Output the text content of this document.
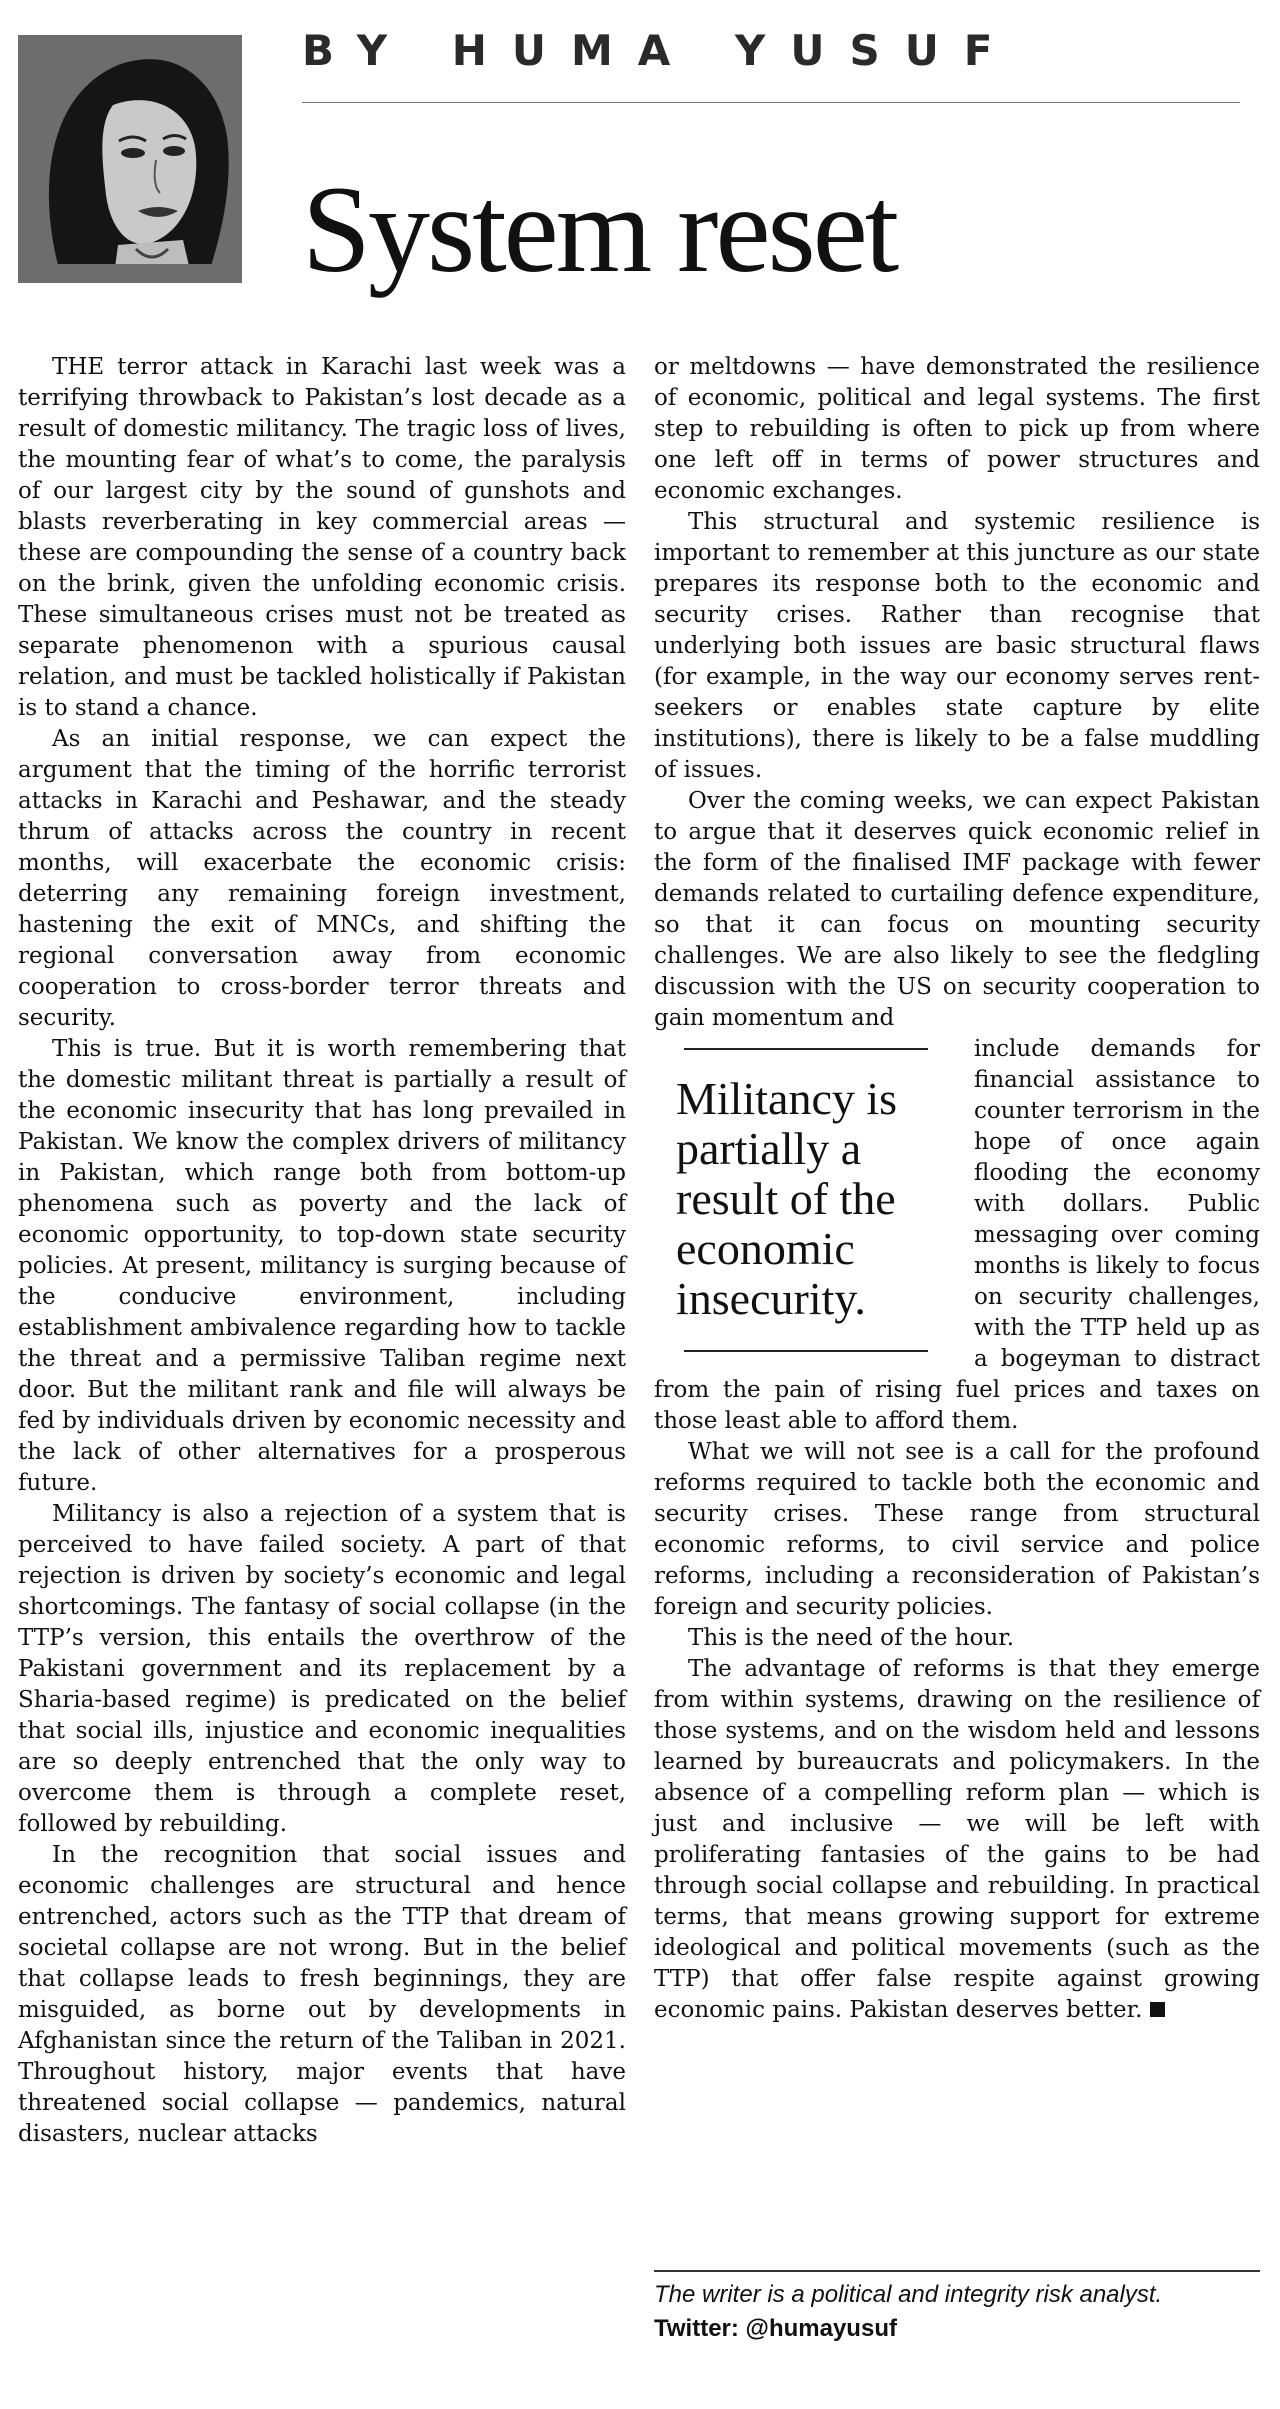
BY HUMA YUSUF
System reset

THE terror attack in Karachi last week was a terrifying throwback to Pakistan’s lost decade as a result of domestic militancy. The tragic loss of lives, the mounting fear of what’s to come, the paralysis of our largest city by the sound of gunshots and blasts reverberating in key commercial areas — these are compounding the sense of a country back on the brink, given the unfolding economic crisis. These simultaneous crises must not be treated as separate phenomenon with a spurious causal relation, and must be tackled holistically if Pakistan is to stand a chance.

As an initial response, we can expect the argument that the timing of the horrific terrorist attacks in Karachi and Peshawar, and the steady thrum of attacks across the country in recent months, will exacerbate the economic crisis: deterring any remaining foreign investment, hastening the exit of MNCs, and shifting the regional conversation away from economic cooperation to cross-border terror threats and security.

This is true. But it is worth remembering that the domestic militant threat is partially a result of the economic insecurity that has long prevailed in Pakistan. We know the complex drivers of militancy in Pakistan, which range both from bottom-up phenomena such as poverty and the lack of economic opportunity, to top-down state security policies. At present, militancy is surging because of the conducive environment, including establishment ambivalence regarding how to tackle the threat and a permissive Taliban regime next door. But the militant rank and file will always be fed by individuals driven by economic necessity and the lack of other alternatives for a prosperous future.

Militancy is also a rejection of a system that is perceived to have failed society. A part of that rejection is driven by society’s economic and legal shortcomings. The fantasy of social collapse (in the TTP’s version, this entails the overthrow of the Pakistani government and its replacement by a Sharia-based regime) is predicated on the belief that social ills, injustice and economic inequalities are so deeply entrenched that the only way to overcome them is through a complete reset, followed by rebuilding.

In the recognition that social issues and economic challenges are structural and hence entrenched, actors such as the TTP that dream of societal collapse are not wrong. But in the belief that collapse leads to fresh beginnings, they are misguided, as borne out by developments in Afghanistan since the return of the Taliban in 2021. Throughout history, major events that have threatened social collapse — pandemics, natural disasters, nuclear attacks

or meltdowns — have demonstrated the resilience of economic, political and legal systems. The first step to rebuilding is often to pick up from where one left off in terms of power structures and economic exchanges.

This structural and systemic resilience is important to remember at this juncture as our state prepares its response both to the economic and security crises. Rather than recognise that underlying both issues are basic structural flaws (for example, in the way our economy serves rent-seekers or enables state capture by elite institutions), there is likely to be a false muddling of issues.

Over the coming weeks, we can expect Pakistan to argue that it deserves quick economic relief in the form of the finalised IMF package with fewer demands related to curtailing defence expenditure, so that it can focus on mounting security challenges. We are also likely to see the fledgling discussion with the US on security cooperation to gain momentum and

Militancy is partially a result of the economic insecurity.

include demands for financial assistance to counter terrorism in the hope of once again flooding the economy with dollars. Public messaging over coming months is likely to focus on security challenges, with the TTP held up as a bogeyman to distract from the pain of rising fuel prices and taxes on those least able to afford them.

What we will not see is a call for the profound reforms required to tackle both the economic and security crises. These range from structural economic reforms, to civil service and police reforms, including a reconsideration of Pakistan’s foreign and security policies.

This is the need of the hour.

The advantage of reforms is that they emerge from within systems, drawing on the resilience of those systems, and on the wisdom held and lessons learned by bureaucrats and policymakers. In the absence of a compelling reform plan — which is just and inclusive — we will be left with proliferating fantasies of the gains to be had through social collapse and rebuilding. In practical terms, that means growing support for extreme ideological and political movements (such as the TTP) that offer false respite against growing economic pains. Pakistan deserves better.

The writer is a political and integrity risk analyst.
Twitter: @humayusuf
